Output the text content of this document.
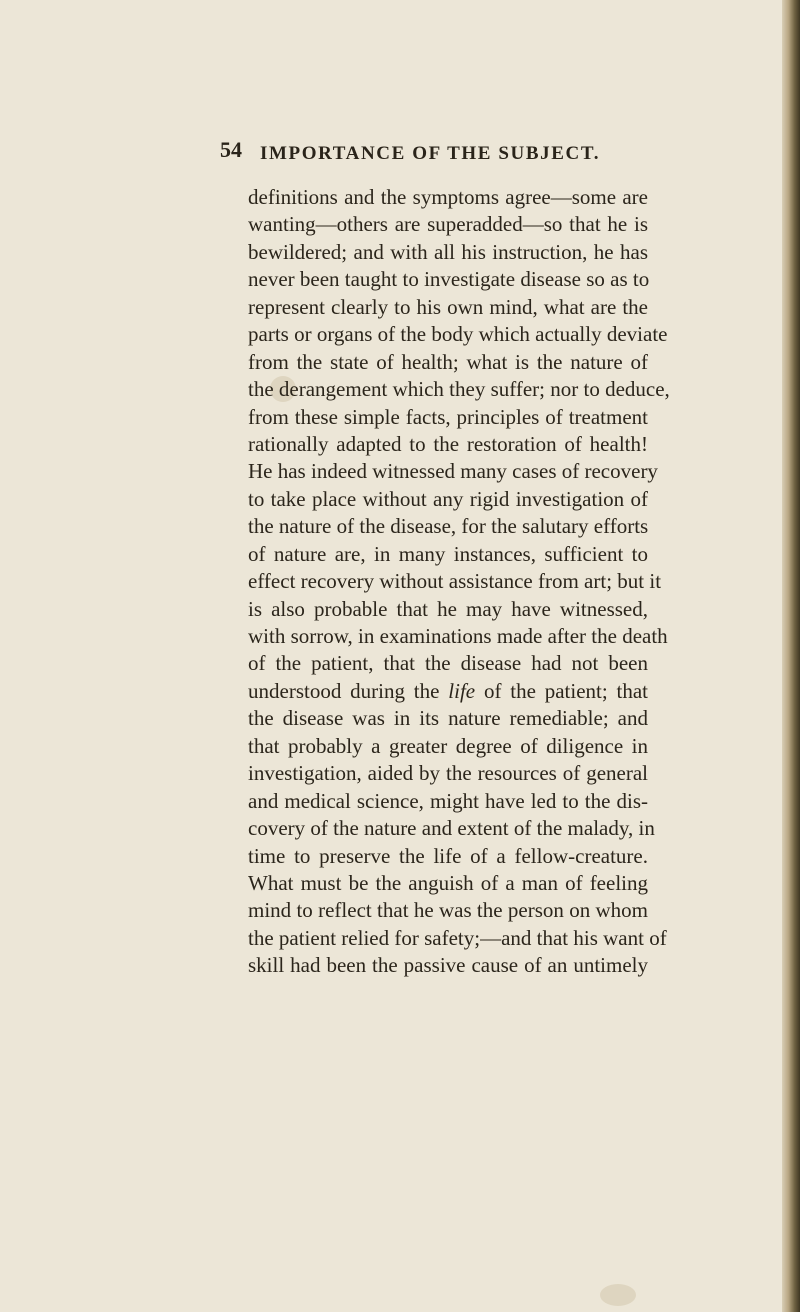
54 IMPORTANCE OF THE SUBJECT.
definitions and the symptoms agree—some are
wanting—others are superadded—so that he is
bewildered; and with all his instruction, he has
never been taught to investigate disease so as to
represent clearly to his own mind, what are the
parts or organs of the body which actually deviate
from the state of health; what is the nature of
the derangement which they suffer; nor to deduce,
from these simple facts, principles of treatment
rationally adapted to the restoration of health!
He has indeed witnessed many cases of recovery
to take place without any rigid investigation of
the nature of the disease, for the salutary efforts
of nature are, in many instances, sufficient to
effect recovery without assistance from art; but it
is also probable that he may have witnessed,
with sorrow, in examinations made after the death
of the patient, that the disease had not been
understood during the life of the patient; that
the disease was in its nature remediable; and
that probably a greater degree of diligence in
investigation, aided by the resources of general
and medical science, might have led to the dis-
covery of the nature and extent of the malady, in
time to preserve the life of a fellow-creature.
What must be the anguish of a man of feeling
mind to reflect that he was the person on whom
the patient relied for safety;—and that his want of
skill had been the passive cause of an untimely
